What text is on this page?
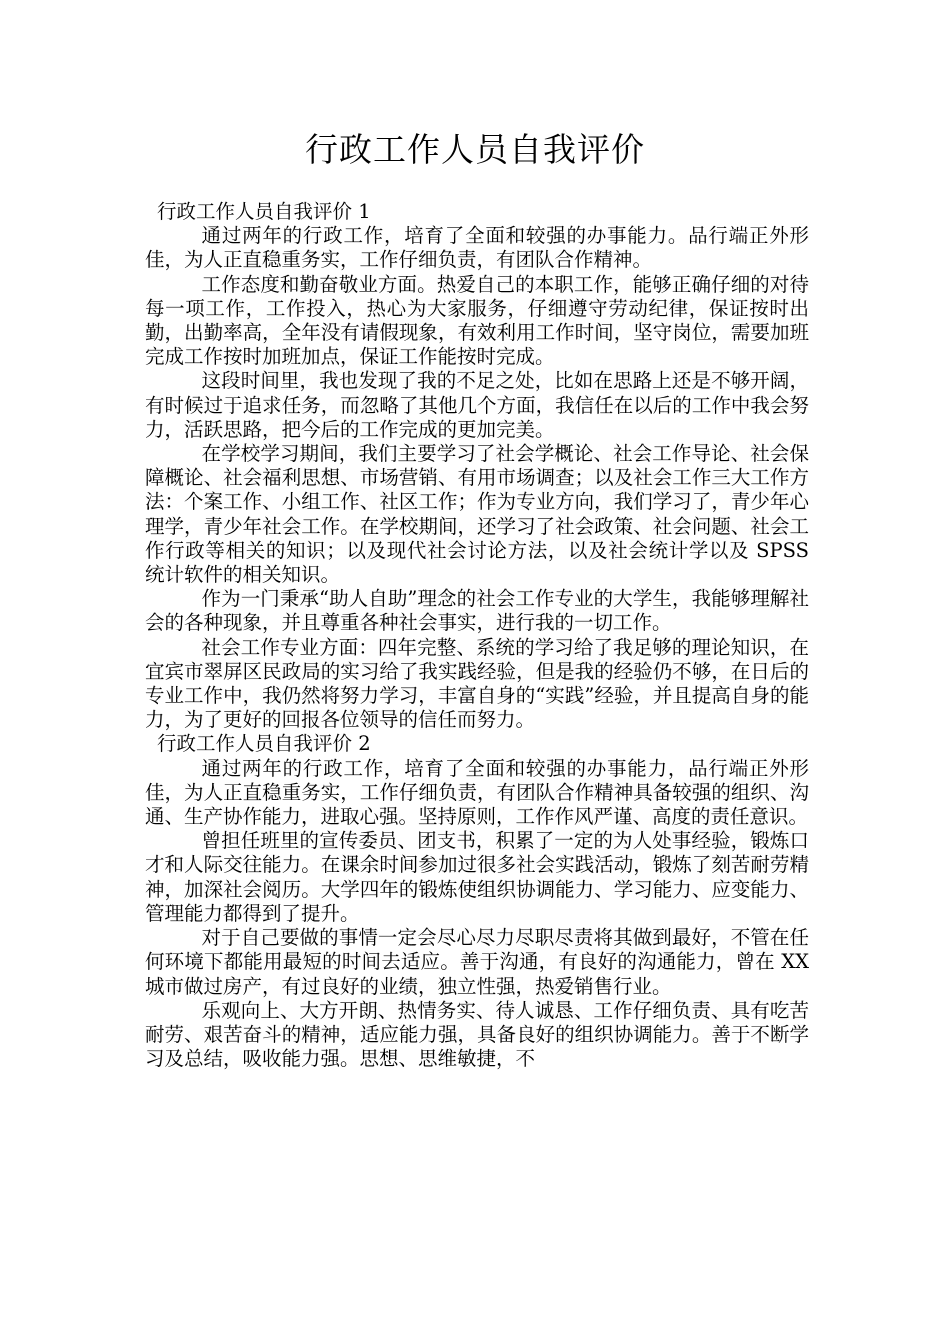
行政工作人员自我评价

行政工作人员自我评价 1

通过两年的行政工作，培育了全面和较强的办事能力。品行端正外形佳，为人正直稳重务实，工作仔细负责，有团队合作精神。

工作态度和勤奋敬业方面。热爱自己的本职工作，能够正确仔细的对待每一项工作，工作投入，热心为大家服务，仔细遵守劳动纪律，保证按时出勤，出勤率高，全年没有请假现象，有效利用工作时间，坚守岗位，需要加班完成工作按时加班加点，保证工作能按时完成。

这段时间里，我也发现了我的不足之处，比如在思路上还是不够开阔，有时候过于追求任务，而忽略了其他几个方面，我信任在以后的工作中我会努力，活跃思路，把今后的工作完成的更加完美。

在学校学习期间，我们主要学习了社会学概论、社会工作导论、社会保障概论、社会福利思想、市场营销、有用市场调查；以及社会工作三大工作方法：个案工作、小组工作、社区工作；作为专业方向，我们学习了，青少年心理学，青少年社会工作。在学校期间，还学习了社会政策、社会问题、社会工作行政等相关的知识；以及现代社会讨论方法，以及社会统计学以及 SPSS 统计软件的相关知识。

作为一门秉承“助人自助”理念的社会工作专业的大学生，我能够理解社会的各种现象，并且尊重各种社会事实，进行我的一切工作。

社会工作专业方面：四年完整、系统的学习给了我足够的理论知识，在宜宾市翠屏区民政局的实习给了我实践经验，但是我的经验仍不够，在日后的专业工作中，我仍然将努力学习，丰富自身的“实践”经验，并且提高自身的能力，为了更好的回报各位领导的信任而努力。

行政工作人员自我评价 2

通过两年的行政工作，培育了全面和较强的办事能力，品行端正外形佳，为人正直稳重务实，工作仔细负责，有团队合作精神具备较强的组织、沟通、生产协作能力，进取心强。坚持原则，工作作风严谨、高度的责任意识。

曾担任班里的宣传委员、团支书，积累了一定的为人处事经验，锻炼口才和人际交往能力。在课余时间参加过很多社会实践活动，锻炼了刻苦耐劳精神，加深社会阅历。大学四年的锻炼使组织协调能力、学习能力、应变能力、管理能力都得到了提升。

对于自己要做的事情一定会尽心尽力尽职尽责将其做到最好，不管在任何环境下都能用最短的时间去适应。善于沟通，有良好的沟通能力，曾在 XX 城市做过房产，有过良好的业绩，独立性强，热爱销售行业。

乐观向上、大方开朗、热情务实、待人诚恳、工作仔细负责、具有吃苦耐劳、艰苦奋斗的精神，适应能力强，具备良好的组织协调能力。善于不断学习及总结，吸收能力强。思想、思维敏捷，不
